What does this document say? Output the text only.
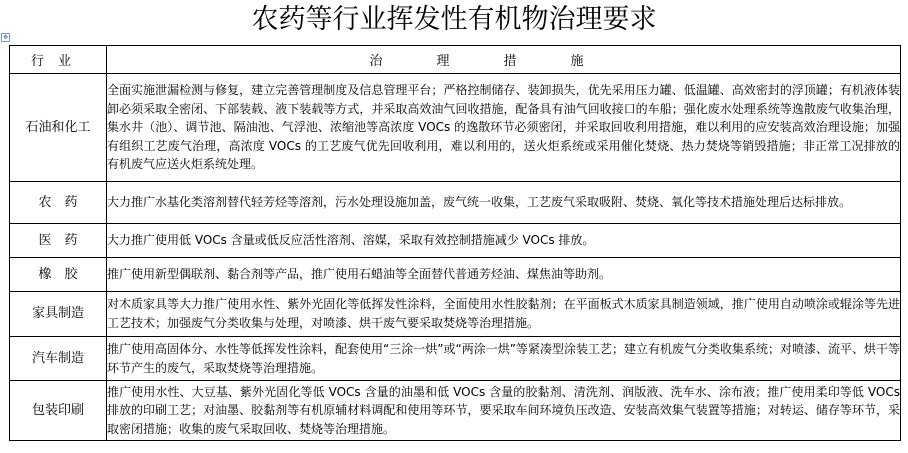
农药等行业挥发性有机物治理要求
✥
行业	治理措施
石油和化工	全面实施泄漏检测与修复，建立完善管理制度及信息管理平台；严格控制储存、装卸损失，优先采用压力罐、低温罐、高效密封的浮顶罐；有机液体装卸必须采取全密闭、下部装载、液下装载等方式，并采取高效油气回收措施，配备具有油气回收接口的车船；强化废水处理系统等逸散废气收集治理，集水井（池）、调节池、隔油池、气浮池、浓缩池等高浓度 VOCs 的逸散环节必须密闭，并采取回收利用措施，难以利用的应安装高效治理设施；加强有组织工艺废气治理，高浓度 VOCs 的工艺废气优先回收利用，难以利用的，送火炬系统或采用催化焚烧、热力焚烧等销毁措施；非正常工况排放的有机废气应送火炬系统处理。
农药	大力推广水基化类溶剂替代轻芳烃等溶剂，污水处理设施加盖，废气统一收集，工艺废气采取吸附、焚烧、氧化等技术措施处理后达标排放。
医药	大力推广使用低 VOCs 含量或低反应活性溶剂、溶媒，采取有效控制措施减少 VOCs 排放。
橡胶	推广使用新型偶联剂、黏合剂等产品，推广使用石蜡油等全面替代普通芳烃油、煤焦油等助剂。
家具制造	对木质家具等大力推广使用水性、紫外光固化等低挥发性涂料，全面使用水性胶黏剂；在平面板式木质家具制造领域，推广使用自动喷涂或辊涂等先进工艺技术；加强废气分类收集与处理，对喷漆、烘干废气要采取焚烧等治理措施。
汽车制造	推广使用高固体分、水性等低挥发性涂料，配套使用“三涂一烘”或“两涂一烘”等紧凑型涂装工艺；建立有机废气分类收集系统；对喷漆、流平、烘干等环节产生的废气，采取焚烧等治理措施。
包装印刷	推广使用水性、大豆基、紫外光固化等低 VOCs 含量的油墨和低 VOCs 含量的胶黏剂、清洗剂、润版液、洗车水、涂布液；推广使用柔印等低 VOCs 排放的印刷工艺；对油墨、胶黏剂等有机原辅材料调配和使用等环节，要采取车间环境负压改造、安装高效集气装置等措施；对转运、储存等环节，采取密闭措施；收集的废气采取回收、焚烧等治理措施。
